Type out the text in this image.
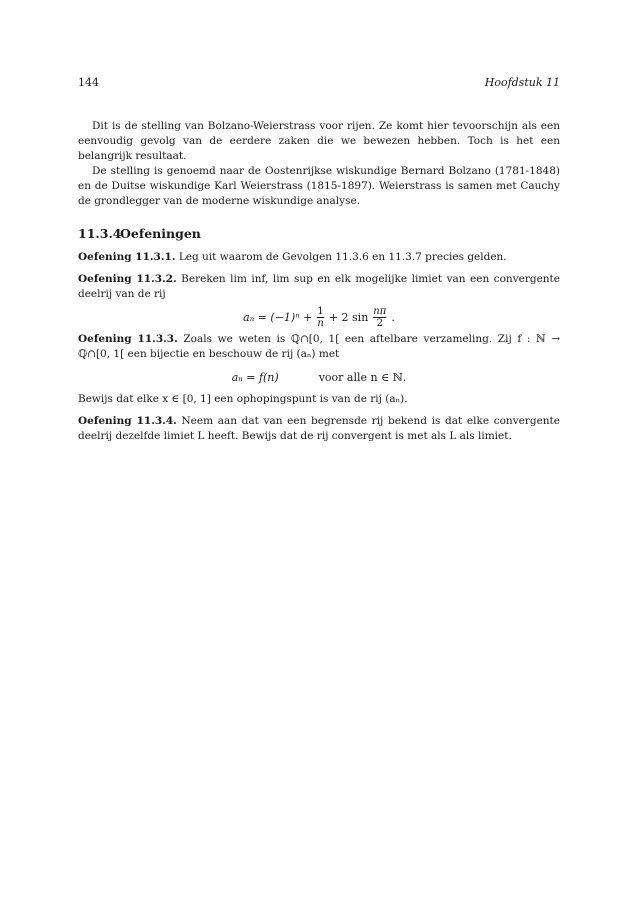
144	Hoofdstuk 11

Dit is de stelling van Bolzano-Weierstrass voor rijen. Ze komt hier tevoorschijn als een eenvoudig gevolg van de eerdere zaken die we bewezen hebben. Toch is het een belangrijk resultaat.

De stelling is genoemd naar de Oostenrijkse wiskundige Bernard Bolzano (1781-1848) en de Duitse wiskundige Karl Weierstrass (1815-1897). Weierstrass is samen met Cauchy de grondlegger van de moderne wiskundige analyse.

11.3.4Oefeningen

Oefening 11.3.1. Leg uit waarom de Gevolgen 11.3.6 en 11.3.7 precies gelden.

Oefening 11.3.2. Bereken lim inf, lim sup en elk mogelijke limiet van een convergente deelrij van de rij

$a_n = (-1)^n + \frac{1}{n} + 2$ $\sin \frac{n\pi}{2}$ .

Oefening 11.3.3. Zoals we weten is ℚ∩[0, 1[ een aftelbare verzameling. Zij f : ℕ → ℚ∩[0, 1[ een bijectie en beschouw de rij (aₙ) met

aₙ = f(n)	voor alle n ∈ ℕ.

Bewijs dat elke x ∈ [0, 1] een ophopingspunt is van de rij (aₙ).

Oefening 11.3.4. Neem aan dat van een begrensde rij bekend is dat elke convergente deelrij dezelfde limiet L heeft. Bewijs dat de rij convergent is met als L als limiet.
